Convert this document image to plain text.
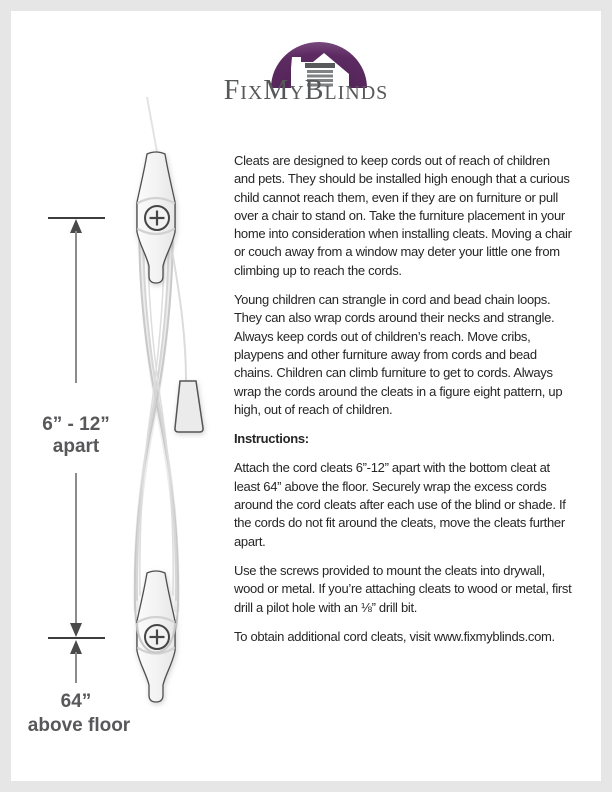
FIXMYBLINDS
6” - 12”
apart
64”
above floor

Cleats are designed to keep cords out of reach of children and pets. They should be installed high enough that a curious child cannot reach them, even if they are on furniture or pull over a chair to stand on. Take the furniture placement in your home into consideration when installing cleats. Moving a chair or couch away from a window may deter your little one from climbing up to reach the cords.

Young children can strangle in cord and bead chain loops. They can also wrap cords around their necks and strangle. Always keep cords out of children’s reach. Move cribs, playpens and other furniture away from cords and bead chains. Children can climb furniture to get to cords. Always wrap the cords around the cleats in a figure eight pattern, up high, out of reach of children.

Instructions:

Attach the cord cleats 6”-12” apart with the bottom cleat at least 64” above the floor. Securely wrap the excess cords around the cord cleats after each use of the blind or shade. If the cords do not fit around the cleats, move the cleats further apart.

Use the screws provided to mount the cleats into drywall, wood or metal. If you’re attaching cleats to wood or metal, first drill a pilot hole with an ⅛” drill bit.

To obtain additional cord cleats, visit www.fixmyblinds.com.
